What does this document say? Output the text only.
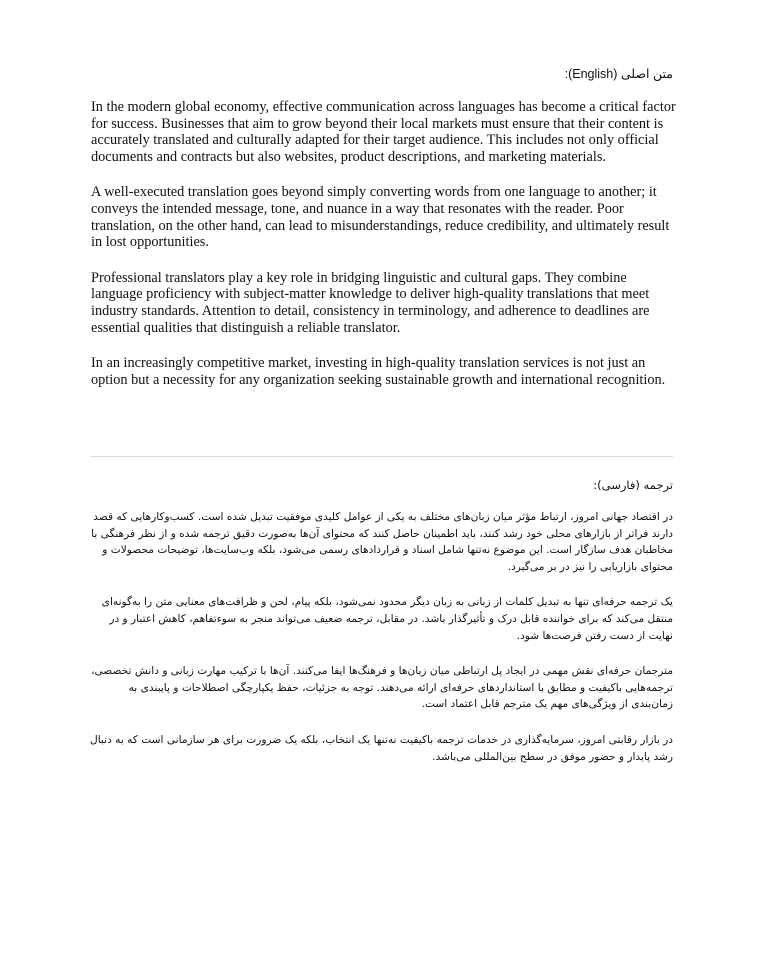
متن اصلی (English):

In the modern global economy, effective communication across languages has become a critical factor for success. Businesses that aim to grow beyond their local markets must ensure that their content is accurately translated and culturally adapted for their target audience. This includes not only official documents and contracts but also websites, product descriptions, and marketing materials.

A well-executed translation goes beyond simply converting words from one language to another; it conveys the intended message, tone, and nuance in a way that resonates with the reader. Poor translation, on the other hand, can lead to misunderstandings, reduce credibility, and ultimately result in lost opportunities.

Professional translators play a key role in bridging linguistic and cultural gaps. They combine language proficiency with subject-matter knowledge to deliver high-quality translations that meet industry standards. Attention to detail, consistency in terminology, and adherence to deadlines are essential qualities that distinguish a reliable translator.

In an increasingly competitive market, investing in high-quality translation services is not just an option but a necessity for any organization seeking sustainable growth and international recognition.

ترجمه (فارسی):

در اقتصاد جهانی امروز، ارتباط مؤثر میان زبان‌های مختلف به یکی از عوامل کلیدی موفقیت تبدیل شده است. کسب‌وکارهایی که قصد دارند فراتر از بازارهای محلی خود رشد کنند، باید اطمینان حاصل کنند که محتوای آن‌ها به‌صورت دقیق ترجمه شده و از نظر فرهنگی با مخاطبان هدف سازگار است. این موضوع نه‌تنها شامل اسناد و قراردادهای رسمی می‌شود، بلکه وب‌سایت‌ها، توضیحات محصولات و محتوای بازاریابی را نیز در بر می‌گیرد.

یک ترجمه حرفه‌ای تنها به تبدیل کلمات از زبانی به زبان دیگر محدود نمی‌شود، بلکه پیام، لحن و ظرافت‌های معنایی متن را به‌گونه‌ای منتقل می‌کند که برای خواننده قابل درک و تأثیرگذار باشد. در مقابل، ترجمه ضعیف می‌تواند منجر به سوءتفاهم، کاهش اعتبار و در نهایت از دست رفتن فرصت‌ها شود.

مترجمان حرفه‌ای نقش مهمی در ایجاد پل ارتباطی میان زبان‌ها و فرهنگ‌ها ایفا می‌کنند. آن‌ها با ترکیب مهارت زبانی و دانش تخصصی، ترجمه‌هایی باکیفیت و مطابق با استانداردهای حرفه‌ای ارائه می‌دهند. توجه به جزئیات، حفظ یکپارچگی اصطلاحات و پایبندی به زمان‌بندی از ویژگی‌های مهم یک مترجم قابل اعتماد است.

در بازار رقابتی امروز، سرمایه‌گذاری در خدمات ترجمه باکیفیت نه‌تنها یک انتخاب، بلکه یک ضرورت برای هر سازمانی است که به دنبال رشد پایدار و حضور موفق در سطح بین‌المللی می‌باشد.
